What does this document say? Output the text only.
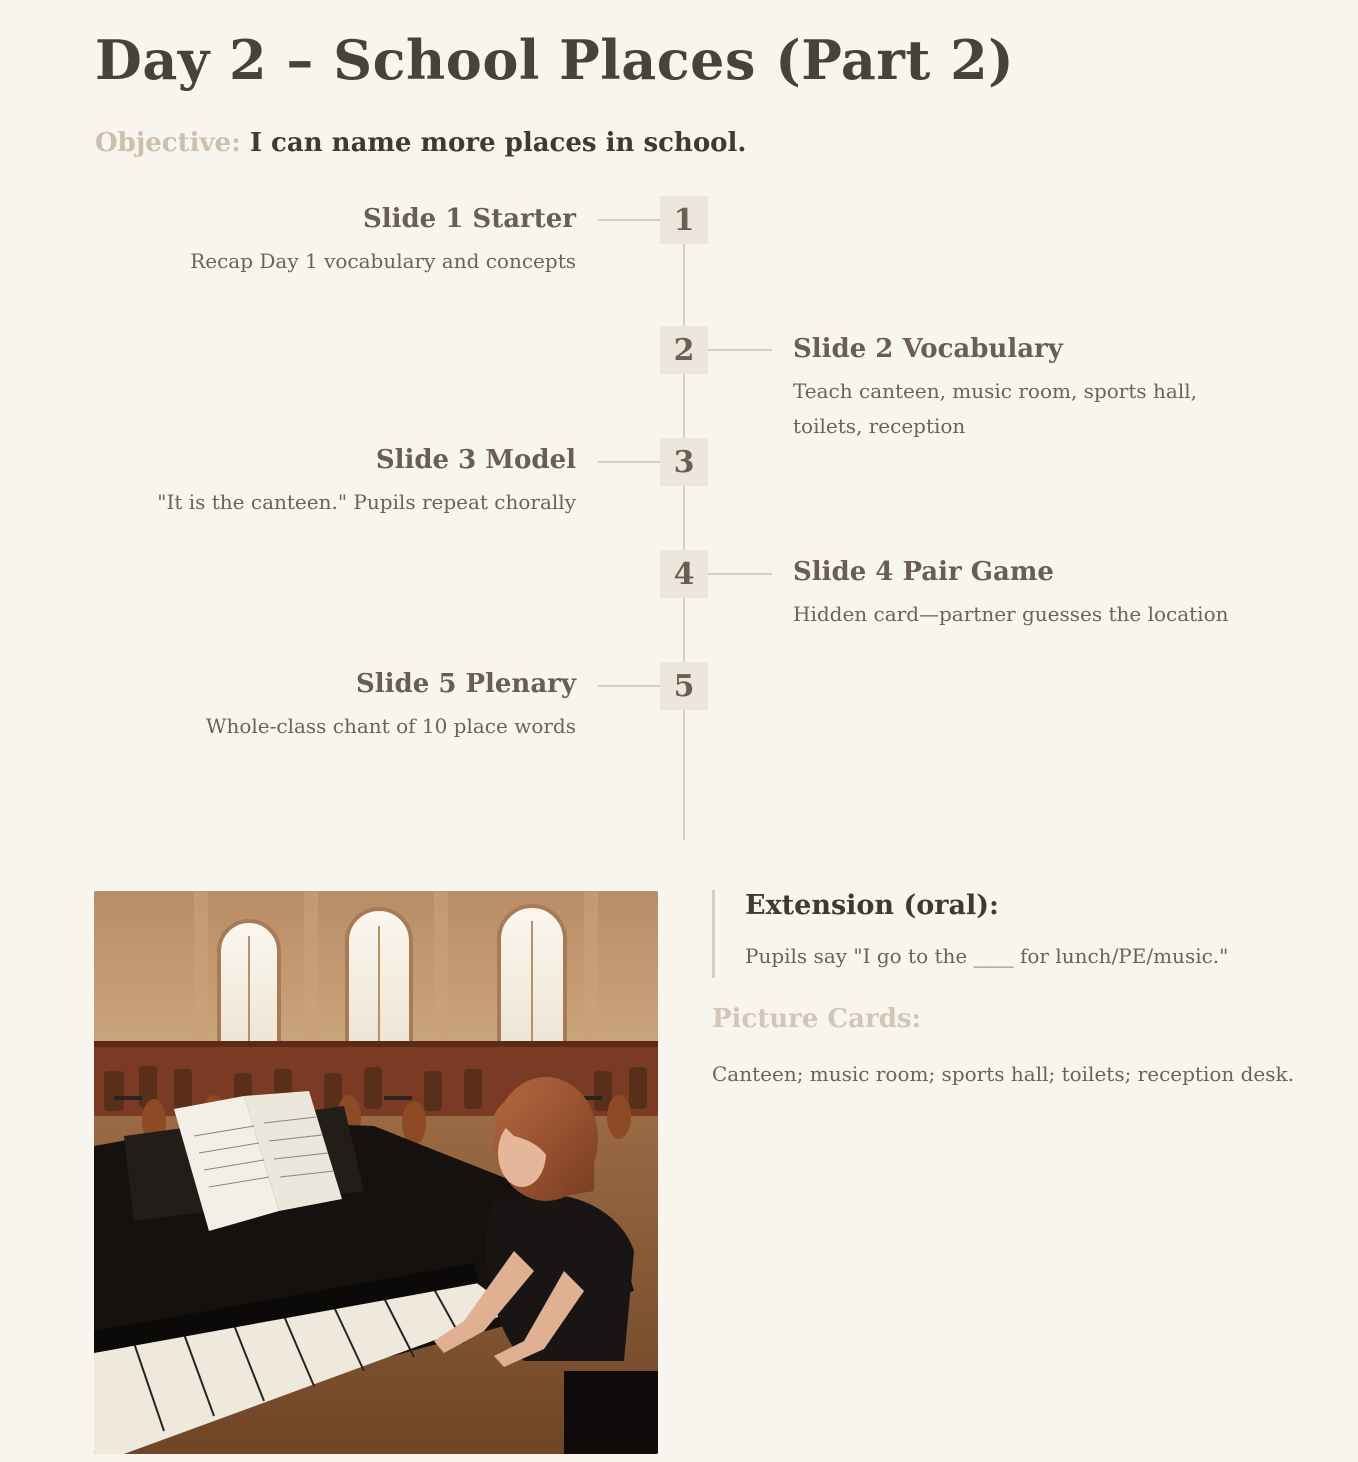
Day 2 – School Places (Part 2)
Objective: I can name more places in school.
1
Slide 1 Starter
Recap Day 1 vocabulary and concepts
2	Slide 2 Vocabulary
Teach canteen, music room, sports hall, toilets, reception
3
Slide 3 Model
"It is the canteen." Pupils repeat chorally
4	Slide 4 Pair Game
Hidden card—partner guesses the location
5
Slide 5 Plenary
Whole-class chant of 10 place words
Extension (oral):
Pupils say "I go to the ____ for lunch/PE/music."
Picture Cards:
Canteen; music room; sports hall; toilets; reception desk.
